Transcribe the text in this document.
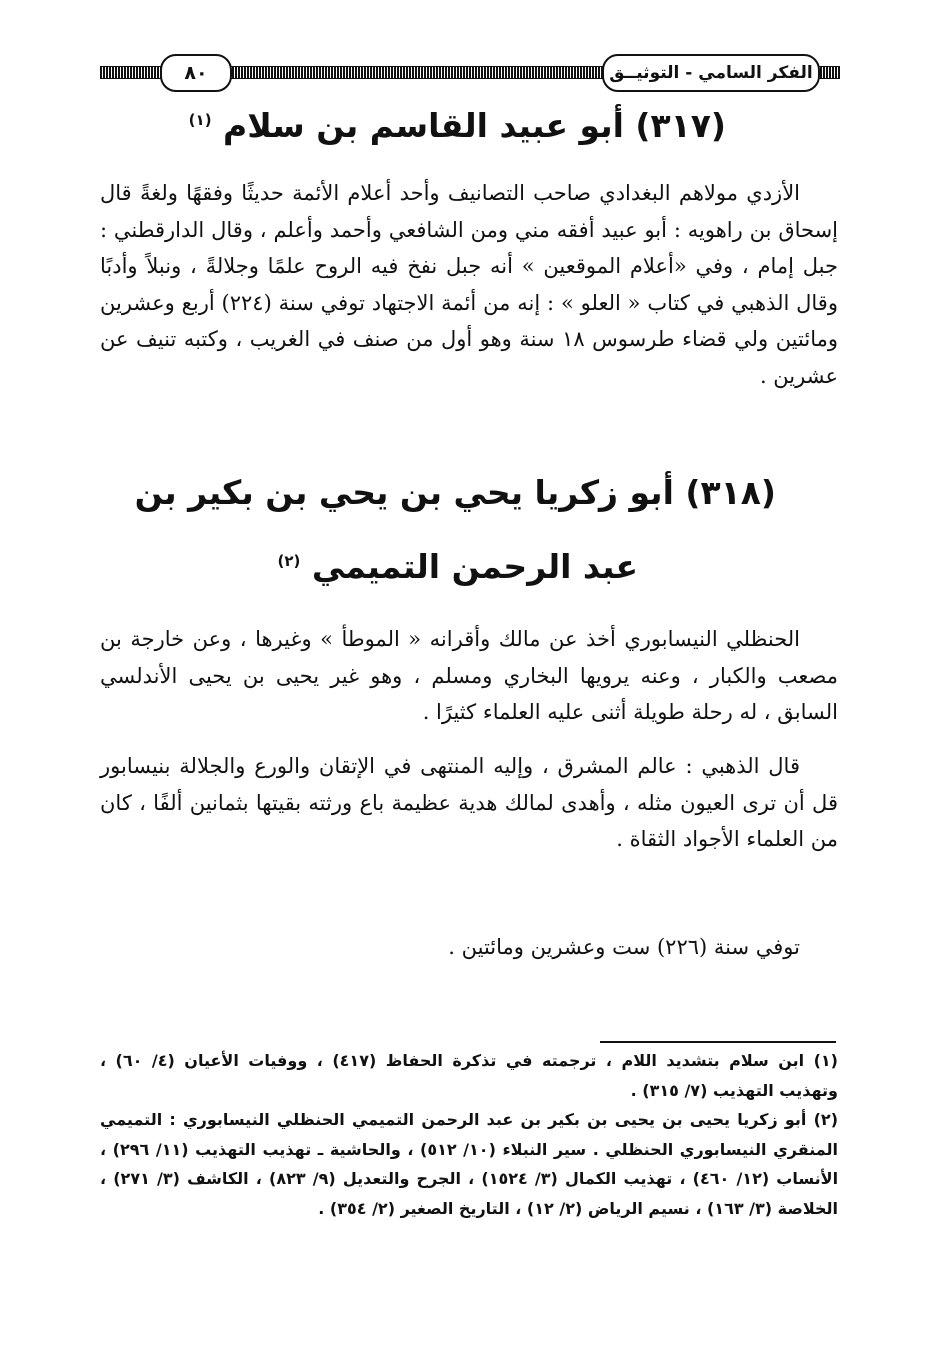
الفكر السامي - التوثيــق
٨٠
(٣١٧) أبو عبيد القاسم بن سلام $^{(١)}$

الأزدي مولاهم البغدادي صاحب التصانيف وأحد أعلام الأئمة حديثًا وفقهًا ولغةً قال إسحاق بن راهويه : أبو عبيد أفقه مني ومن الشافعي وأحمد وأعلم ، وقال الدارقطني : جبل إمام ، وفي «أعلام الموقعين » أنه جبل نفخ فيه الروح علمًا وجلالةً ، ونبلاً وأدبًا وقال الذهبي في كتاب « العلو » : إنه من أئمة الاجتهاد توفي سنة (٢٢٤) أربع وعشرين ومائتين ولي قضاء طرسوس ١٨ سنة وهو أول من صنف في الغريب ، وكتبه تنيف عن عشرين .

(٣١٨) أبو زكريا يحي بن يحي بن بكير بن
عبد الرحمن التميمي $^{(٢)}$

الحنظلي النيسابوري أخذ عن مالك وأقرانه « الموطأ » وغيرها ، وعن خارجة بن مصعب والكبار ، وعنه يرويها البخاري ومسلم ، وهو غير يحيى بن يحيى الأندلسي السابق ، له رحلة طويلة أثنى عليه العلماء كثيرًا .

قال الذهبي : عالم المشرق ، وإليه المنتهى في الإتقان والورع والجلالة بنيسابور قل أن ترى العيون مثله ، وأهدى لمالك هدية عظيمة باع ورثته بقيتها بثمانين ألفًا ، كان من العلماء الأجواد الثقاة .

توفي سنة (٢٢٦) ست وعشرين ومائتين .

(١) ابن سلام بتشديد اللام ، ترجمته في تذكرة الحفاظ (٤١٧) ، ووفيات الأعيان (٤/ ٦٠) ، وتهذيب التهذيب (٧/ ٣١٥) .

(٢) أبو زكريا يحيى بن يحيى بن بكير بن عبد الرحمن التميمي الحنظلي النيسابوري : التميمي المنقري النيسابوري الحنظلي . سير النبلاء (١٠/ ٥١٢) ، والحاشية ـ تهذيب التهذيب (١١/ ٢٩٦) ، الأنساب (١٢/ ٤٦٠) ، تهذيب الكمال (٣/ ١٥٢٤) ، الجرح والتعديل (٩/ ٨٢٣) ، الكاشف (٣/ ٢٧١) ، الخلاصة (٣/ ١٦٣) ، نسيم الرياض (٢/ ١٢) ، التاريخ الصغير (٢/ ٣٥٤) .
